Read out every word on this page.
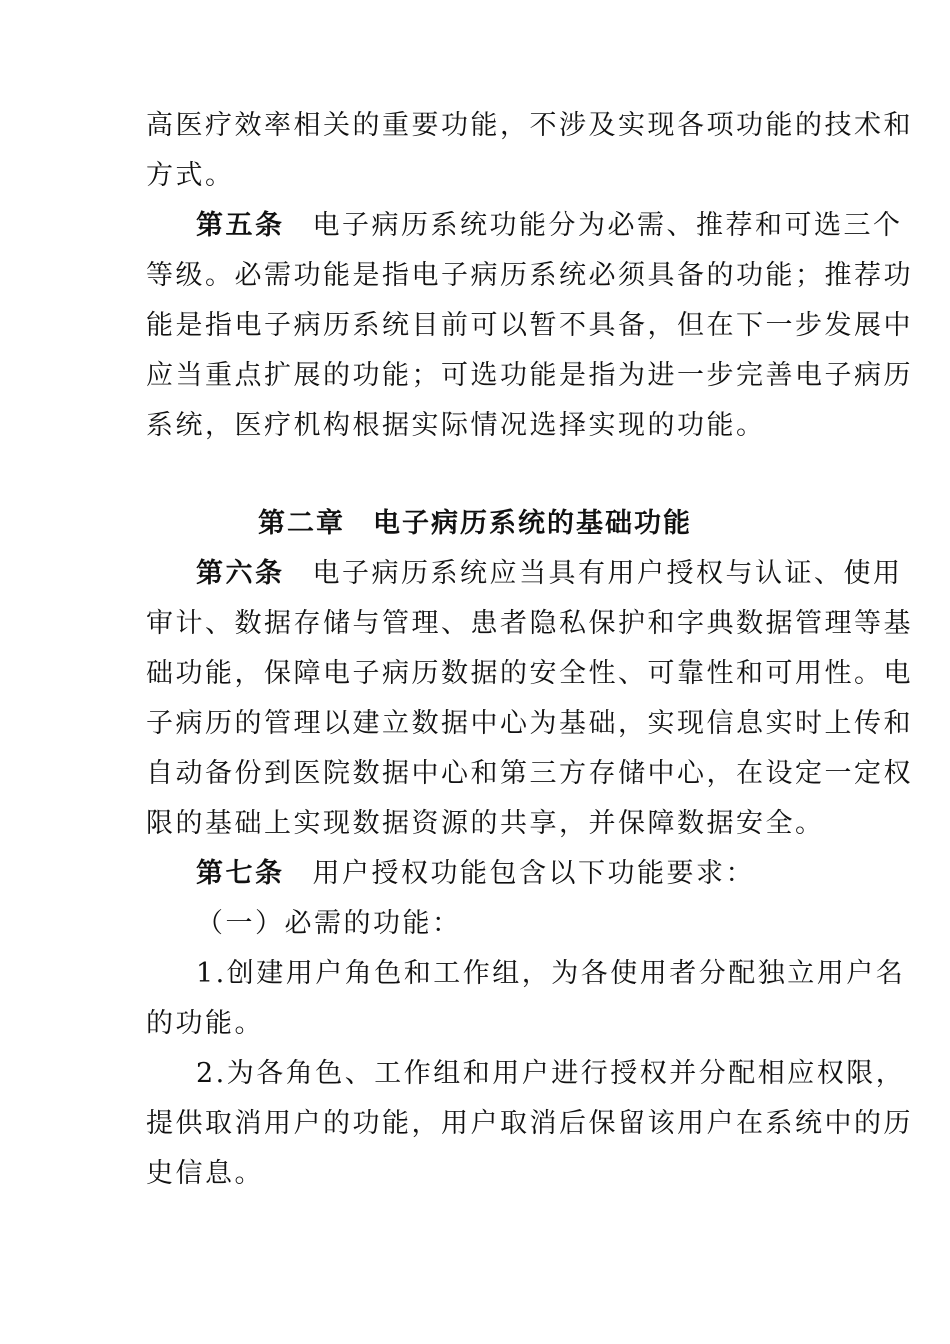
高医疗效率相关的重要功能，不涉及实现各项功能的技术和
方式。
第五条 电子病历系统功能分为必需、推荐和可选三个
等级。必需功能是指电子病历系统必须具备的功能；推荐功
能是指电子病历系统目前可以暂不具备，但在下一步发展中
应当重点扩展的功能；可选功能是指为进一步完善电子病历
系统，医疗机构根据实际情况选择实现的功能。
第二章 电子病历系统的基础功能
第六条 电子病历系统应当具有用户授权与认证、使用
审计、数据存储与管理、患者隐私保护和字典数据管理等基
础功能，保障电子病历数据的安全性、可靠性和可用性。电
子病历的管理以建立数据中心为基础，实现信息实时上传和
自动备份到医院数据中心和第三方存储中心，在设定一定权
限的基础上实现数据资源的共享，并保障数据安全。
第七条 用户授权功能包含以下功能要求：
（一）必需的功能：
1.创建用户角色和工作组，为各使用者分配独立用户名
的功能。
2.为各角色、工作组和用户进行授权并分配相应权限，
提供取消用户的功能，用户取消后保留该用户在系统中的历
史信息。
